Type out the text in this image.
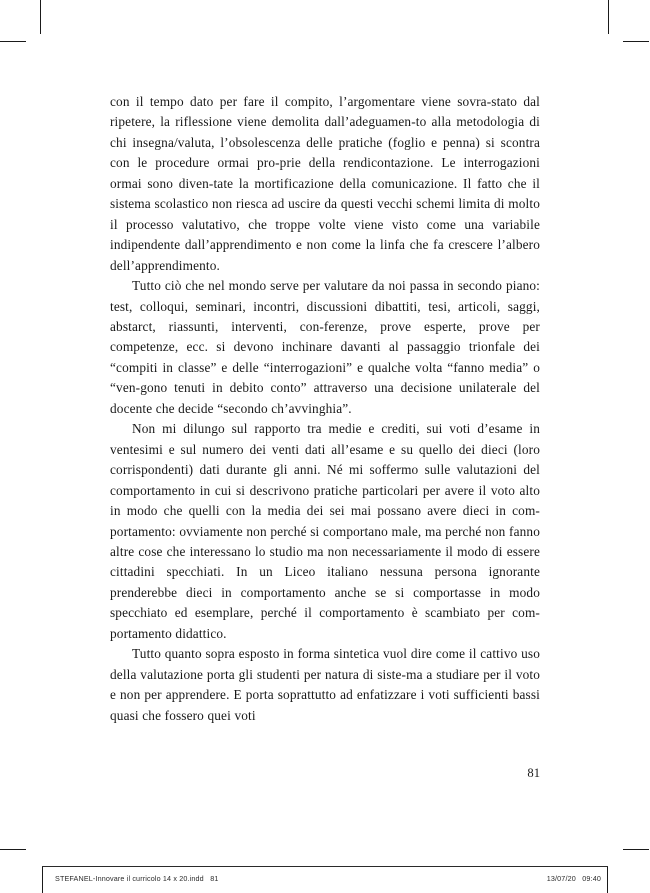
con il tempo dato per fare il compito, l’argomentare viene sovra-stato dal ripetere, la riflessione viene demolita dall’adeguamen-to alla metodologia di chi insegna/valuta, l’obsolescenza delle pratiche (foglio e penna) si scontra con le procedure ormai pro-prie della rendicontazione. Le interrogazioni ormai sono diven-tate la mortificazione della comunicazione. Il fatto che il sistema scolastico non riesca ad uscire da questi vecchi schemi limita di molto il processo valutativo, che troppe volte viene visto come una variabile indipendente dall’apprendimento e non come la linfa che fa crescere l’albero dell’apprendimento.

Tutto ciò che nel mondo serve per valutare da noi passa in secondo piano: test, colloqui, seminari, incontri, discussioni dibattiti, tesi, articoli, saggi, abstarct, riassunti, interventi, con-ferenze, prove esperte, prove per competenze, ecc. si devono inchinare davanti al passaggio trionfale dei “compiti in classe” e delle “interrogazioni” e qualche volta “fanno media” o “ven-gono tenuti in debito conto” attraverso una decisione unilaterale del docente che decide “secondo ch’avvinghia”.

Non mi dilungo sul rapporto tra medie e crediti, sui voti d’esame in ventesimi e sul numero dei venti dati all’esame e su quello dei dieci (loro corrispondenti) dati durante gli anni. Né mi soffermo sulle valutazioni del comportamento in cui si descrivono pratiche particolari per avere il voto alto in modo che quelli con la media dei sei mai possano avere dieci in com-portamento: ovviamente non perché si comportano male, ma perché non fanno altre cose che interessano lo studio ma non necessariamente il modo di essere cittadini specchiati. In un Liceo italiano nessuna persona ignorante prenderebbe dieci in comportamento anche se si comportasse in modo specchiato ed esemplare, perché il comportamento è scambiato per com-portamento didattico.

Tutto quanto sopra esposto in forma sintetica vuol dire come il cattivo uso della valutazione porta gli studenti per natura di siste-ma a studiare per il voto e non per apprendere. E porta soprattutto ad enfatizzare i voti sufficienti bassi quasi che fossero quei voti

81
STEFANEL-Innovare il curricolo 14 x 20.indd   81	13/07/20   09:40
